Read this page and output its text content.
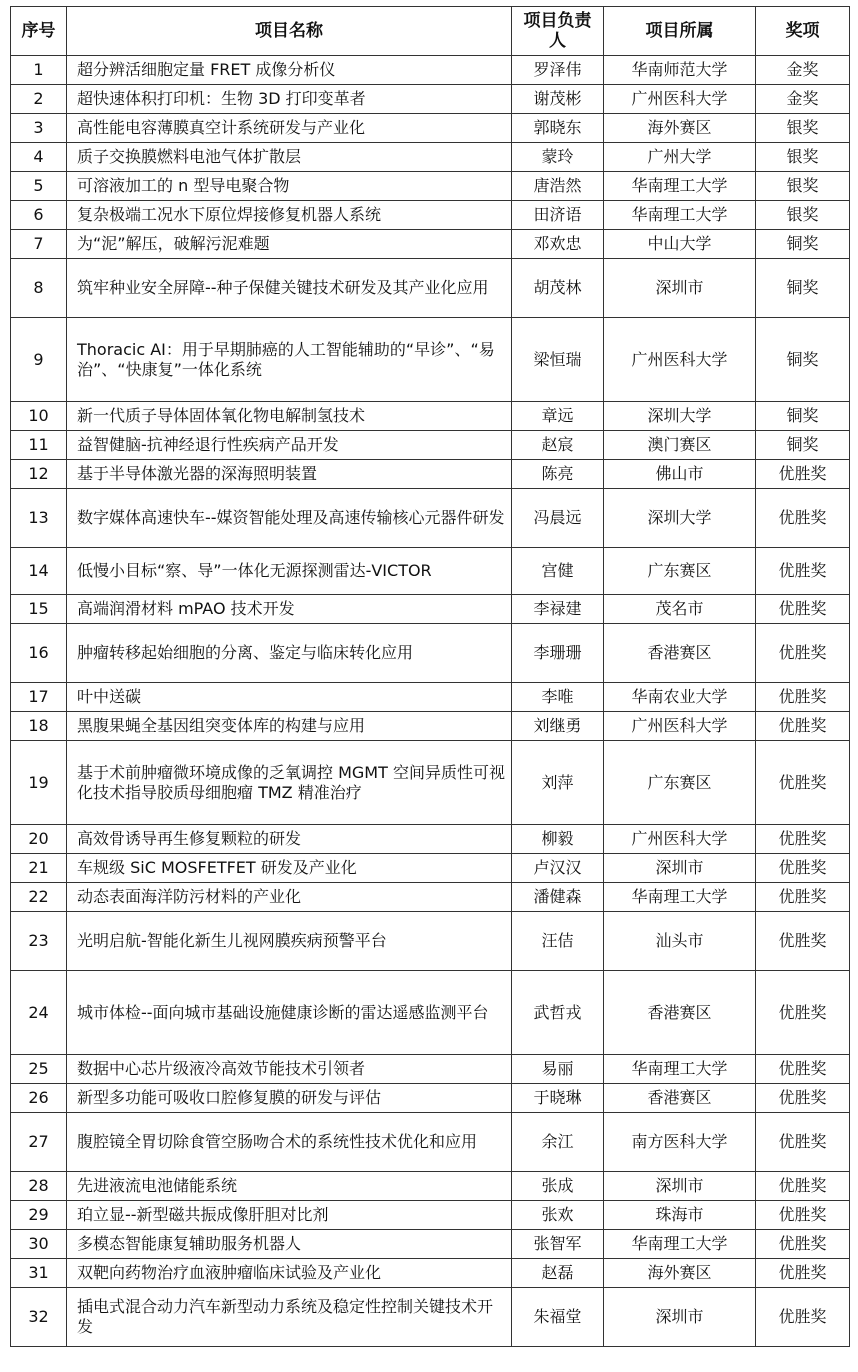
序号	项目名称	项目负责人	项目所属	奖项
1	超分辨活细胞定量 FRET 成像分析仪	罗泽伟	华南师范大学	金奖
2	超快速体积打印机：生物 3D 打印变革者	谢茂彬	广州医科大学	金奖
3	高性能电容薄膜真空计系统研发与产业化	郭晓东	海外赛区	银奖
4	质子交换膜燃料电池气体扩散层	蒙玲	广州大学	银奖
5	可溶液加工的 n 型导电聚合物	唐浩然	华南理工大学	银奖
6	复杂极端工况水下原位焊接修复机器人系统	田济语	华南理工大学	银奖
7	为“泥”解压，破解污泥难题	邓欢忠	中山大学	铜奖
8	筑牢种业安全屏障--种子保健关键技术研发及其产业化应用	胡茂林	深圳市	铜奖
9	Thoracic AI：用于早期肺癌的人工智能辅助的“早诊”、“易治”、“快康复”一体化系统	梁恒瑞	广州医科大学	铜奖
10	新一代质子导体固体氧化物电解制氢技术	章远	深圳大学	铜奖
11	益智健脑-抗神经退行性疾病产品开发	赵宸	澳门赛区	铜奖
12	基于半导体激光器的深海照明装置	陈亮	佛山市	优胜奖
13	数字媒体高速快车--媒资智能处理及高速传输核心元器件研发	冯晨远	深圳大学	优胜奖
14	低慢小目标“察、导”一体化无源探测雷达-VICTOR	宫健	广东赛区	优胜奖
15	高端润滑材料 mPAO 技术开发	李禄建	茂名市	优胜奖
16	肿瘤转移起始细胞的分离、鉴定与临床转化应用	李珊珊	香港赛区	优胜奖
17	叶中送碳	李唯	华南农业大学	优胜奖
18	黑腹果蝇全基因组突变体库的构建与应用	刘继勇	广州医科大学	优胜奖
19	基于术前肿瘤微环境成像的乏氧调控 MGMT 空间异质性可视化技术指导胶质母细胞瘤 TMZ 精准治疗	刘萍	广东赛区	优胜奖
20	高效骨诱导再生修复颗粒的研发	柳毅	广州医科大学	优胜奖
21	车规级 SiC MOSFETFET 研发及产业化	卢汉汉	深圳市	优胜奖
22	动态表面海洋防污材料的产业化	潘健森	华南理工大学	优胜奖
23	光明启航-智能化新生儿视网膜疾病预警平台	汪佶	汕头市	优胜奖
24	城市体检--面向城市基础设施健康诊断的雷达遥感监测平台	武哲戎	香港赛区	优胜奖
25	数据中心芯片级液冷高效节能技术引领者	易丽	华南理工大学	优胜奖
26	新型多功能可吸收口腔修复膜的研发与评估	于晓琳	香港赛区	优胜奖
27	腹腔镜全胃切除食管空肠吻合术的系统性技术优化和应用	余江	南方医科大学	优胜奖
28	先进液流电池储能系统	张成	深圳市	优胜奖
29	珀立显--新型磁共振成像肝胆对比剂	张欢	珠海市	优胜奖
30	多模态智能康复辅助服务机器人	张智军	华南理工大学	优胜奖
31	双靶向药物治疗血液肿瘤临床试验及产业化	赵磊	海外赛区	优胜奖
32	插电式混合动力汽车新型动力系统及稳定性控制关键技术开发	朱福堂	深圳市	优胜奖
